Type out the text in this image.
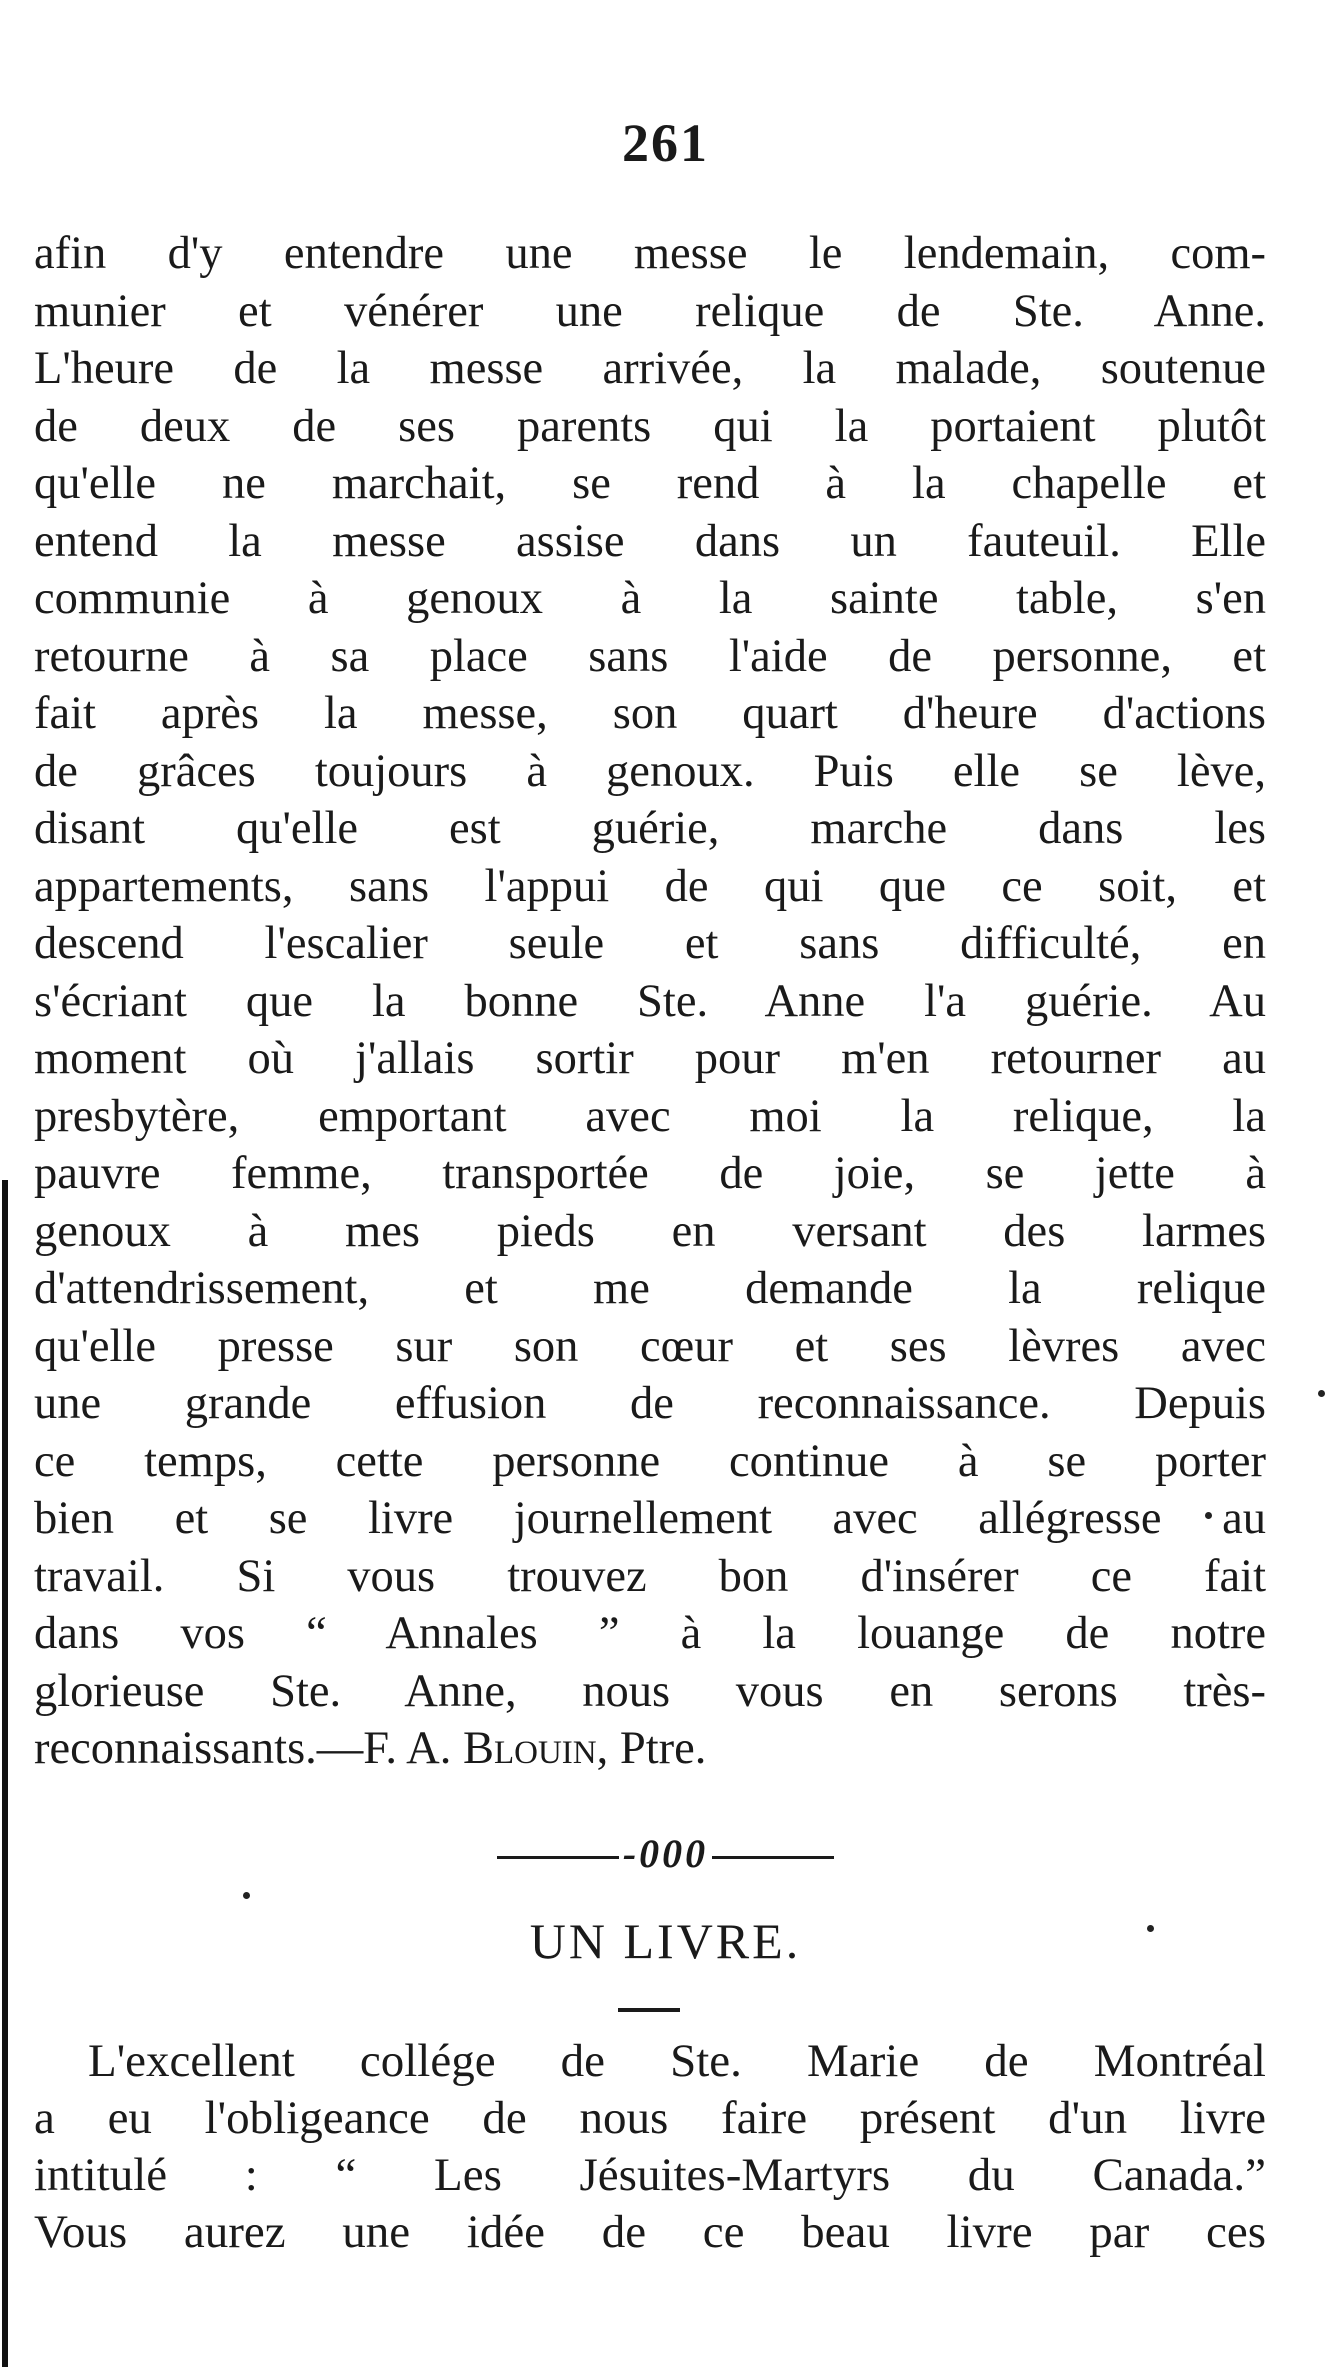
261
afin d'y entendre une messe le lendemain, com-
munier et vénérer une relique de Ste. Anne.
L'heure de la messe arrivée, la malade, soutenue
de deux de ses parents qui la portaient plutôt
qu'elle ne marchait, se rend à la chapelle et
entend la messe assise dans un fauteuil. Elle
communie à genoux à la sainte table, s'en
retourne à sa place sans l'aide de personne, et
fait après la messe, son quart d'heure d'actions
de grâces toujours à genoux. Puis elle se lève,
disant qu'elle est guérie, marche dans les
appartements, sans l'appui de qui que ce soit, et
descend l'escalier seule et sans difficulté, en
s'écriant que la bonne Ste. Anne l'a guérie. Au
moment où j'allais sortir pour m'en retourner au
presbytère, emportant avec moi la relique, la
pauvre femme, transportée de joie, se jette à
genoux à mes pieds en versant des larmes
d'attendrissement, et me demande la relique
qu'elle presse sur son cœur et ses lèvres avec
une grande effusion de reconnaissance. Depuis
ce temps, cette personne continue à se porter
bien et se livre journellement avec allégresse au
travail. Si vous trouvez bon d'insérer ce fait
dans vos “ Annales ” à la louange de notre
glorieuse Ste. Anne, nous vous en serons très-
reconnaissants.—F. A. Blouin, Ptre.
-000
UN LIVRE.
L'excellent collége de Ste. Marie de Montréal
a eu l'obligeance de nous faire présent d'un livre
intitulé : “ Les Jésuites-Martyrs du Canada.”
Vous aurez une idée de ce beau livre par ces
